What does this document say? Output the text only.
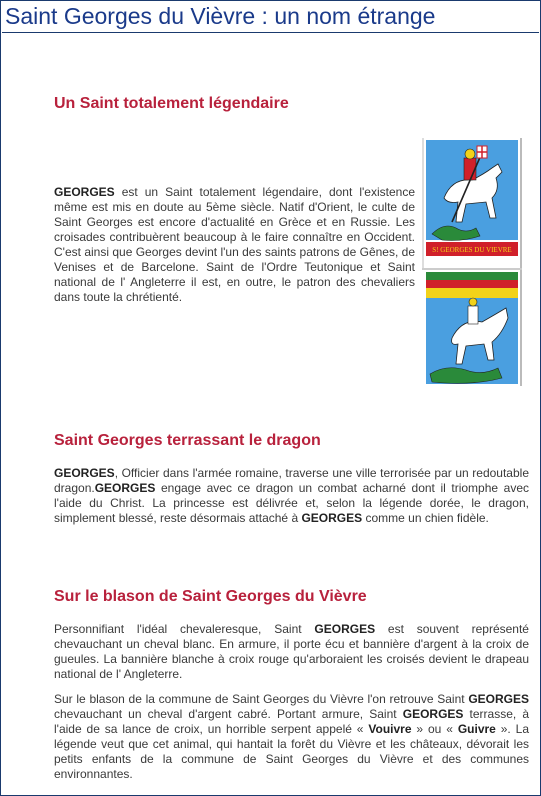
Saint Georges du Vièvre : un nom étrange
Un Saint totalement légendaire
GEORGES est un Saint totalement légendaire, dont l'existence même est mis en doute au 5ème siècle. Natif d'Orient, le culte de Saint Georges est encore d'actualité en Grèce et en Russie. Les croisades contribuèrent beaucoup à le faire connaître en Occident. C'est ainsi que Georges devint l'un des saints patrons de Gênes, de Venises et de Barcelone. Saint de l'Ordre Teutonique et Saint national de l' Angleterre il est, en outre, le patron des chevaliers dans toute la chrétienté.
S! GEORGES DU VIEVRE
Saint Georges terrassant le dragon
GEORGES, Officier dans l'armée romaine, traverse une ville terrorisée par un redoutable dragon.GEORGES engage avec ce dragon un combat acharné dont il triomphe avec l'aide du Christ. La princesse est délivrée et, selon la légende dorée, le dragon, simplement blessé, reste désormais attaché à GEORGES comme un chien fidèle.
Sur le blason de Saint Georges du Vièvre
Personnifiant l'idéal chevaleresque, Saint GEORGES est souvent représenté chevauchant un cheval blanc. En armure, il porte écu et bannière d'argent à la croix de gueules. La bannière blanche à croix rouge qu'arboraient les croisés devient le drapeau national de l' Angleterre.
Sur le blason de la commune de Saint Georges du Vièvre l'on retrouve Saint GEORGES chevauchant un cheval d'argent cabré. Portant armure, Saint GEORGES terrasse, à l'aide de sa lance de croix, un horrible serpent appelé « Vouivre » ou « Guivre ». La légende veut que cet animal, qui hantait la forêt du Vièvre et les châteaux, dévorait les petits enfants de la commune de Saint Georges du Vièvre et des communes environnantes.
